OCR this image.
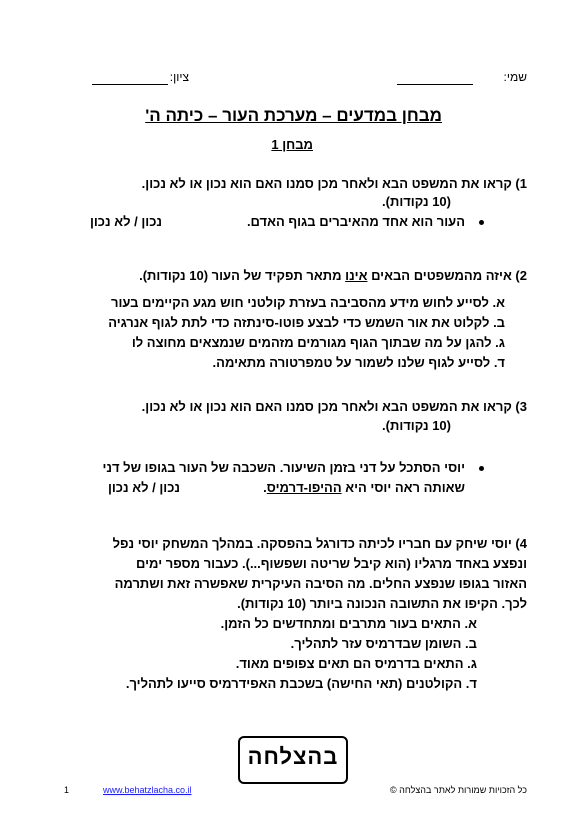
שמי:
ציון:
מבחן במדעים – מערכת העור – כיתה ה'
מבחן 1
1) קראו את המשפט הבא ולאחר מכן סמנו האם הוא נכון או לא נכון.
(10 נקודות).
העור הוא אחד מהאיברים בגוף האדם.
נכון / לא נכון
2) איזה מהמשפטים הבאים אינו מתאר תפקיד של העור (10 נקודות).
א. לסייע לחוש מידע מהסביבה בעזרת קולטני חוש מגע הקיימים בעור
ב. לקלוט את אור השמש כדי לבצע פוטו-סינתזה כדי לתת לגוף אנרגיה
ג. להגן על מה שבתוך הגוף מגורמים מזהמים שנמצאים מחוצה לו
ד. לסייע לגוף שלנו לשמור על טמפרטורה מתאימה.
3) קראו את המשפט הבא ולאחר מכן סמנו האם הוא נכון או לא נכון.
(10 נקודות).
יוסי הסתכל על דני בזמן השיעור. השכבה של העור בגופו של דני
שאותה ראה יוסי היא ההיפו-דרמיס.
נכון / לא נכון
4) יוסי שיחק עם חבריו לכיתה כדורגל בהפסקה. במהלך המשחק יוסי נפל
ונפצע באחד מרגליו (הוא קיבל שריטה ושפשוף...). כעבור מספר ימים
האזור בגופו שנפצע החלים. מה הסיבה העיקרית שאפשרה זאת ושתרמה
לכך. הקיפו את התשובה הנכונה ביותר (10 נקודות).
א. התאים בעור מתרבים ומתחדשים כל הזמן.
ב. השומן שבדרמיס עזר לתהליך.
ג. התאים בדרמיס הם תאים צפופים מאוד.
ד. הקולטנים (תאי החישה) בשכבת האפידרמיס סייעו לתהליך.
בהצלחה

1	www.behatzlacha.co.il	כל הזכויות שמורות לאתר בהצלחה ©
